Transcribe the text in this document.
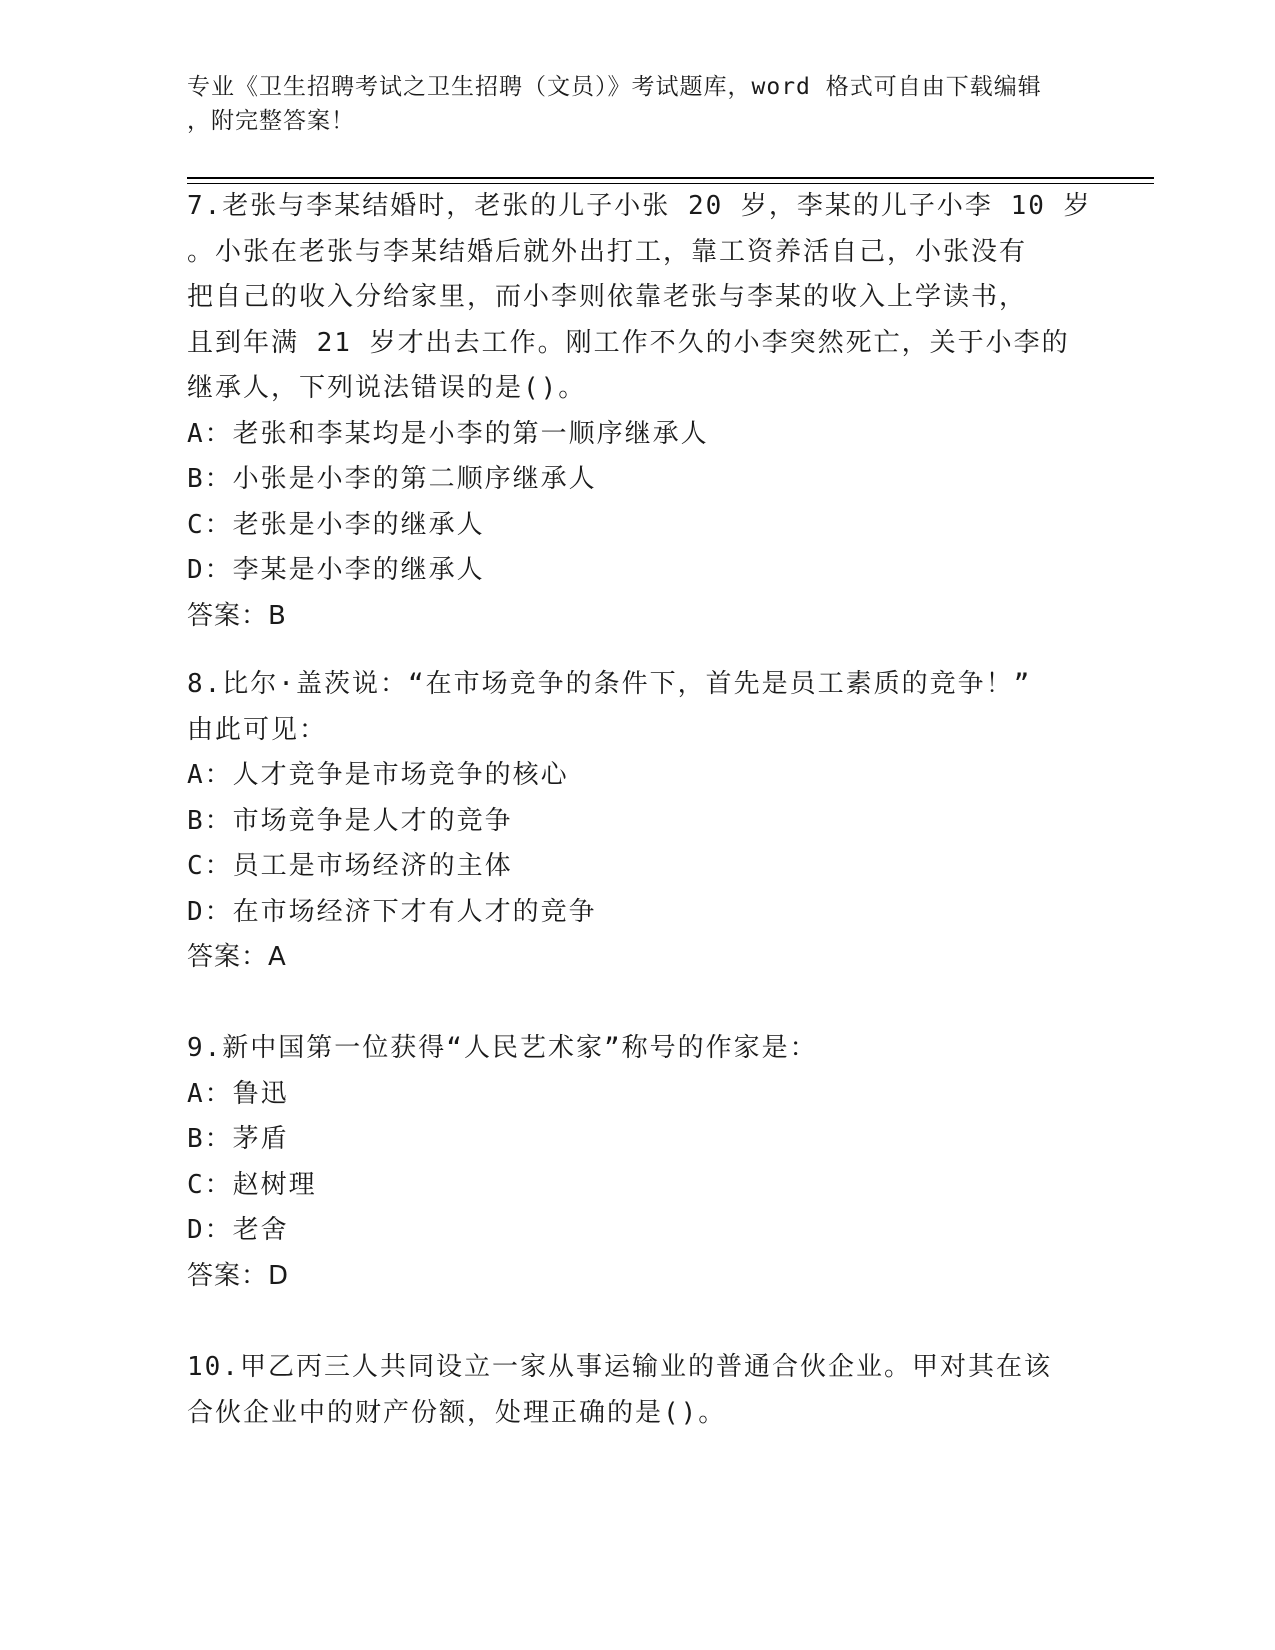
专业《卫生招聘考试之卫生招聘（文员）》考试题库，word 格式可自由下载编辑
，附完整答案！
7.老张与李某结婚时，老张的儿子小张 20 岁，李某的儿子小李 10 岁
。小张在老张与李某结婚后就外出打工，靠工资养活自己，小张没有
把自己的收入分给家里，而小李则依靠老张与李某的收入上学读书，
且到年满 21 岁才出去工作。刚工作不久的小李突然死亡，关于小李的
继承人，下列说法错误的是()。
A：老张和李某均是小李的第一顺序继承人
B：小张是小李的第二顺序继承人
C：老张是小李的继承人
D：李某是小李的继承人
答案：B
8.比尔·盖茨说：“在市场竞争的条件下，首先是员工素质的竞争！”
由此可见：
A：人才竞争是市场竞争的核心
B：市场竞争是人才的竞争
C：员工是市场经济的主体
D：在市场经济下才有人才的竞争
答案：A
9.新中国第一位获得“人民艺术家”称号的作家是：
A：鲁迅
B：茅盾
C：赵树理
D：老舍
答案：D
10.甲乙丙三人共同设立一家从事运输业的普通合伙企业。甲对其在该
合伙企业中的财产份额，处理正确的是()。
